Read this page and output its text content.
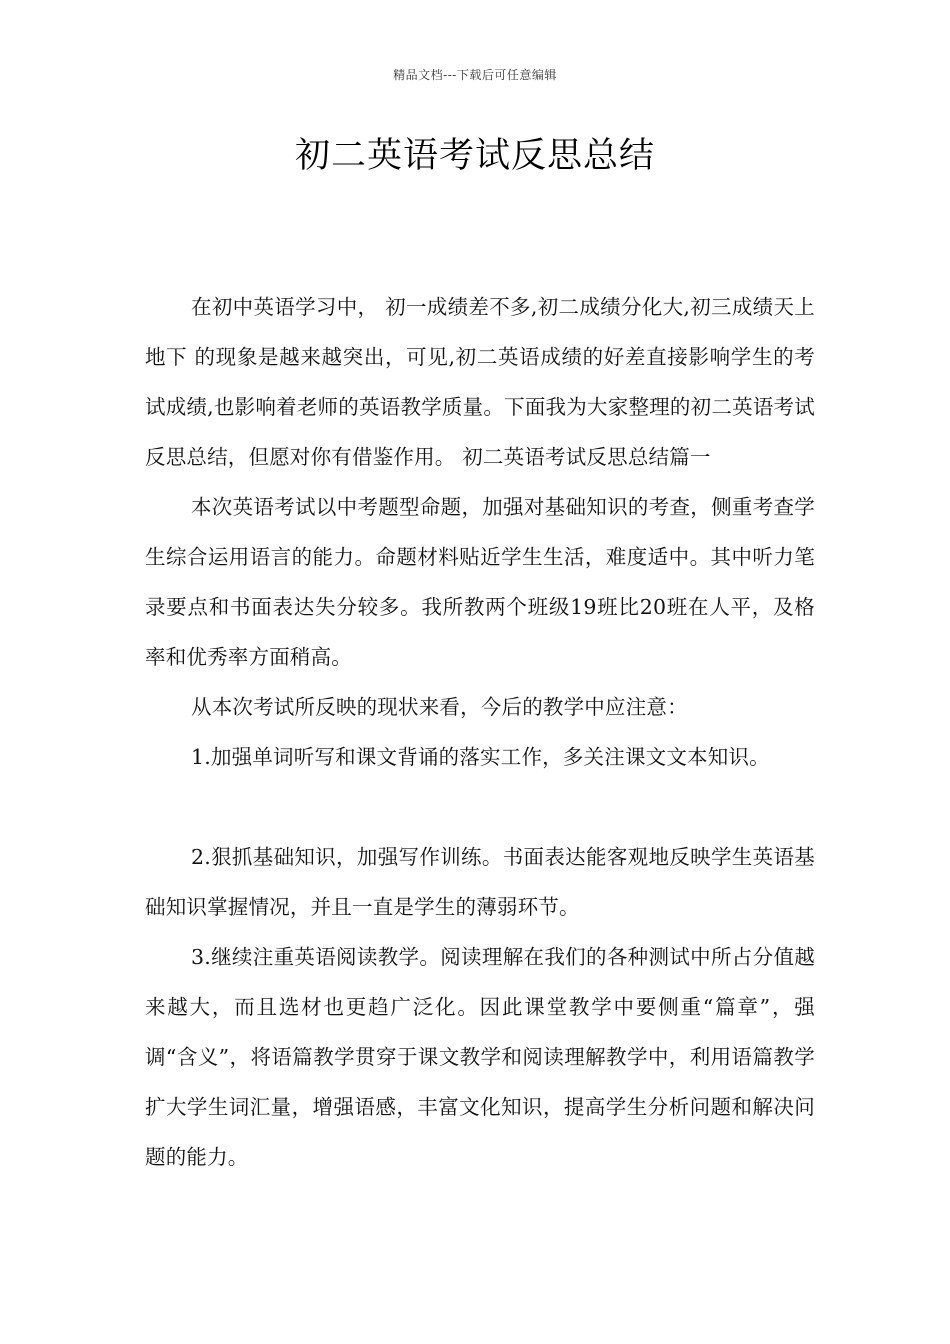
精品文档---下载后可任意编辑
初二英语考试反思总结

在初中英语学习中， 初一成绩差不多,初二成绩分化大,初三成绩天上地下 的现象是越来越突出，可见,初二英语成绩的好差直接影响学生的考试成绩,也影响着老师的英语教学质量。下面我为大家整理的初二英语考试反思总结，但愿对你有借鉴作用。 初二英语考试反思总结篇一

本次英语考试以中考题型命题，加强对基础知识的考查，侧重考查学生综合运用语言的能力。命题材料贴近学生生活，难度适中。其中听力笔录要点和书面表达失分较多。我所教两个班级19班比20班在人平，及格率和优秀率方面稍高。

从本次考试所反映的现状来看，今后的教学中应注意：

1.加强单词听写和课文背诵的落实工作，多关注课文文本知识。

2.狠抓基础知识，加强写作训练。书面表达能客观地反映学生英语基础知识掌握情况，并且一直是学生的薄弱环节。

3.继续注重英语阅读教学。阅读理解在我们的各种测试中所占分值越来越大，而且选材也更趋广泛化。因此课堂教学中要侧重“篇章”，强调“含义”，将语篇教学贯穿于课文教学和阅读理解教学中，利用语篇教学扩大学生词汇量，增强语感，丰富文化知识，提高学生分析问题和解决问题的能力。
